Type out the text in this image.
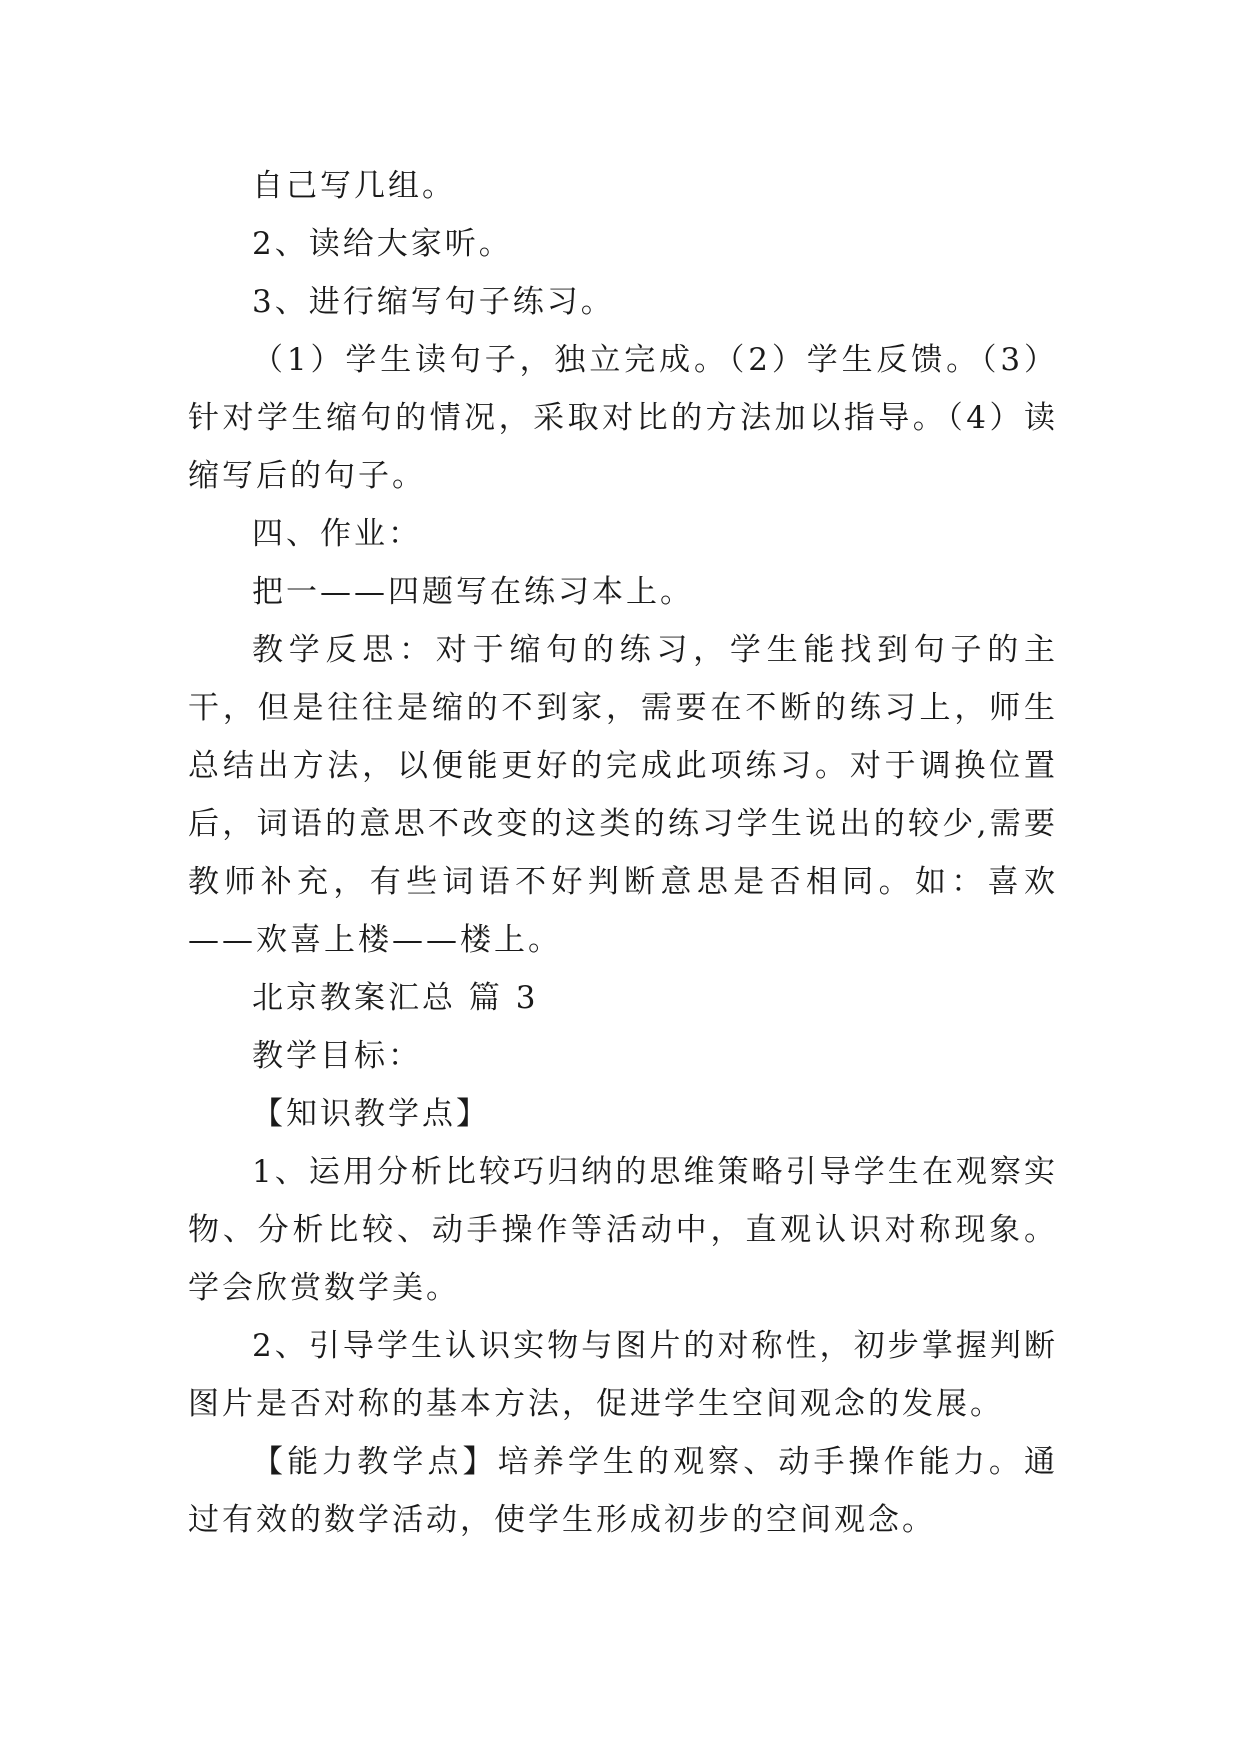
自己写几组。

2、读给大家听。

3、进行缩写句子练习。

（1）学生读句子，独立完成。（2）学生反馈。（3）针对学生缩句的情况，采取对比的方法加以指导。（4）读缩写后的句子。

四、作业：

把一——四题写在练习本上。

教学反思：对于缩句的练习，学生能找到句子的主干，但是往往是缩的不到家，需要在不断的练习上，师生总结出方法，以便能更好的完成此项练习。对于调换位置后，词语的意思不改变的这类的练习学生说出的较少,需要教师补充，有些词语不好判断意思是否相同。如：喜欢——欢喜上楼——楼上。

北京教案汇总 篇 3

教学目标：

【知识教学点】

1、运用分析比较巧归纳的思维策略引导学生在观察实物、分析比较、动手操作等活动中，直观认识对称现象。学会欣赏数学美。

2、引导学生认识实物与图片的对称性，初步掌握判断图片是否对称的基本方法，促进学生空间观念的发展。

【能力教学点】培养学生的观察、动手操作能力。通过有效的数学活动，使学生形成初步的空间观念。
